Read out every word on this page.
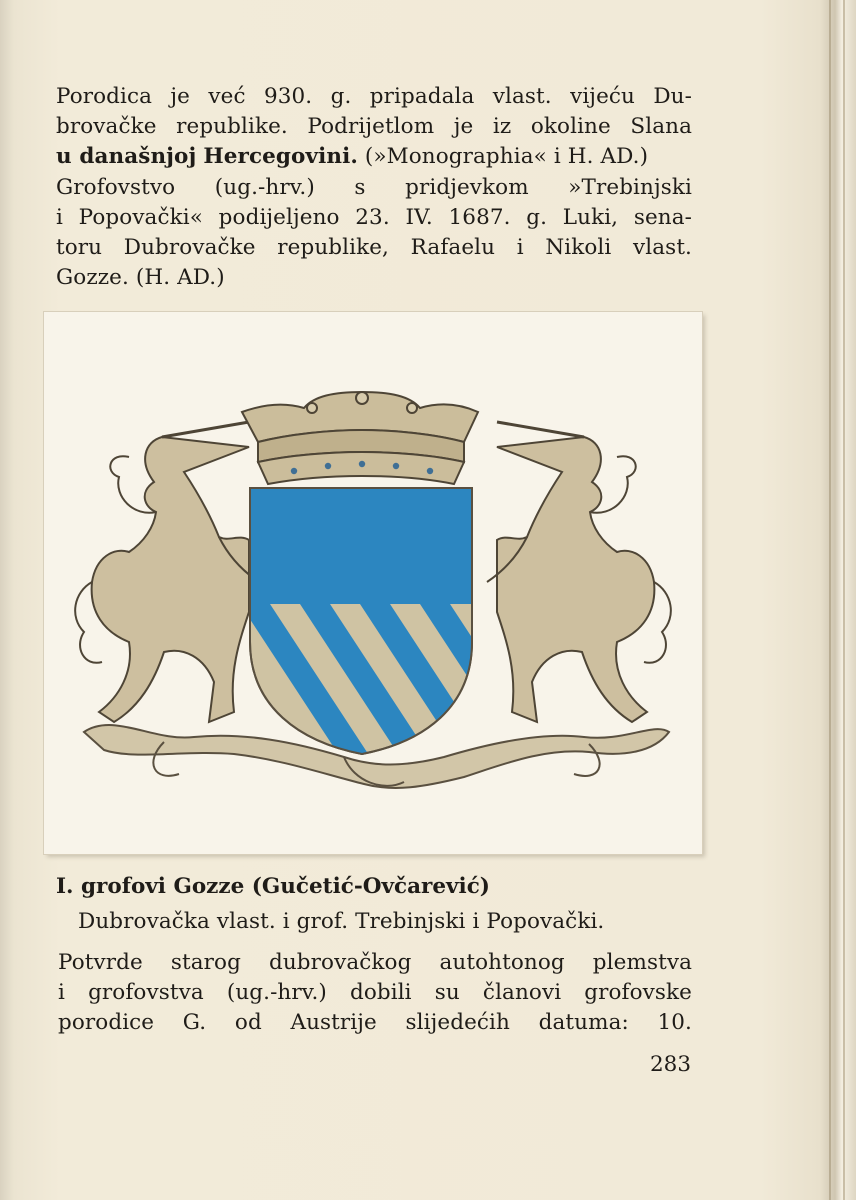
Porodica je već 930. g. pripadala vlast. vijeću Du-
brovačke republike. Podrijetlom je iz okoline Slana
u današnjoj Hercegovini. (»Monographia« i H. AD.)
Grofovstvo (ug.-hrv.) s pridjevkom »Trebinjski
i Popovački« podijeljeno 23. IV. 1687. g. Luki, sena-
toru Dubrovačke republike, Rafaelu i Nikoli vlast.
Gozze. (H. AD.)
I. grofovi Gozze (Gučetić-Ovčarević)
Dubrovačka vlast. i grof. Trebinjski i Popovački.
Potvrde starog dubrovačkog autohtonog plemstva
i grofovstva (ug.-hrv.) dobili su članovi grofovske
porodice G. od Austrije slijedećih datuma: 10.
283
